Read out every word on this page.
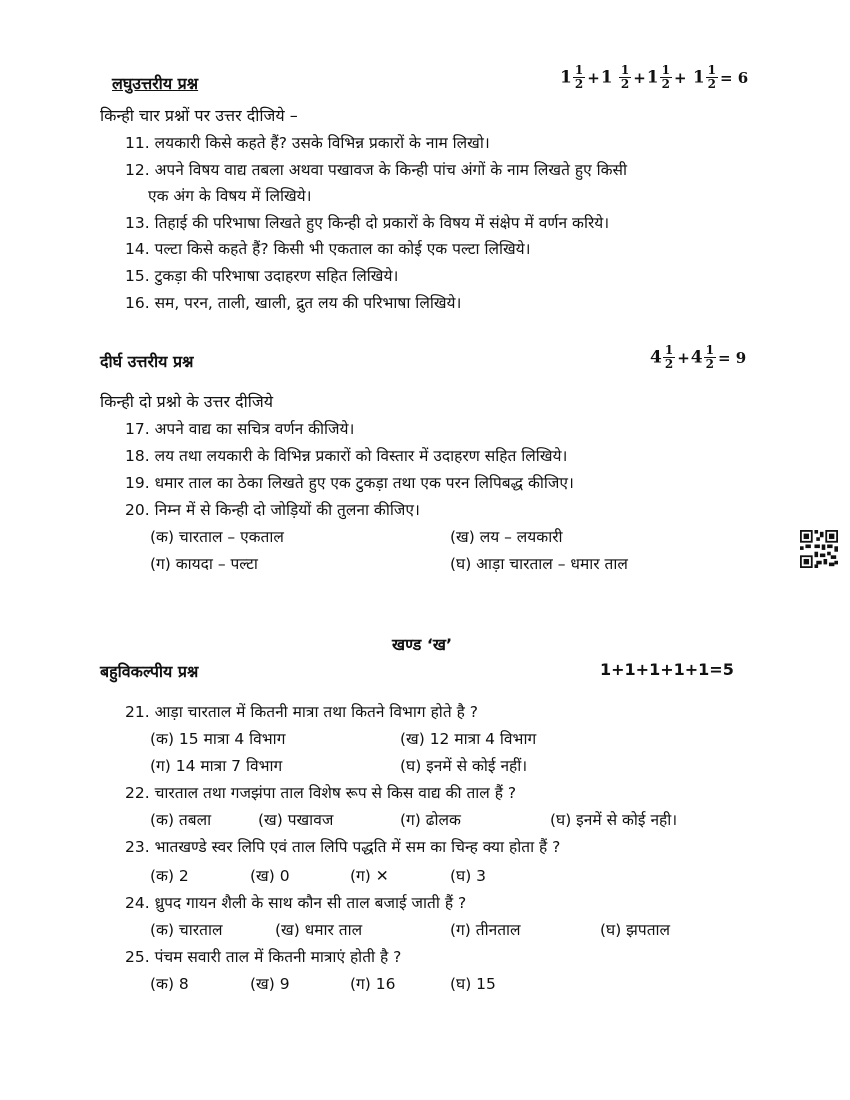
लघुउत्तरीय प्रश्न	$1 \frac{1}{2} +1 \frac{1}{2} +1 \frac{1}{2} + 1 \frac{1}{2} = 6$
किन्ही चार प्रश्नों पर उत्तर दीजिये –
11. लयकारी किसे कहते हैं? उसके विभिन्न प्रकारों के नाम लिखो।
12. अपने विषय वाद्य तबला अथवा पखावज के किन्ही पांच अंगों के नाम लिखते हुए किसी
एक अंग के विषय में लिखिये।
13. तिहाई की परिभाषा लिखते हुए किन्ही दो प्रकारों के विषय में संक्षेप में वर्णन करिये।
14. पल्टा किसे कहते हैं? किसी भी एकताल का कोई एक पल्टा लिखिये।
15. टुकड़ा की परिभाषा उदाहरण सहित लिखिये।
16. सम, परन, ताली, खाली, द्रुत लय की परिभाषा लिखिये।
दीर्घ उत्तरीय प्रश्न	$4 \frac{1}{2} +4 \frac{1}{2} = 9$
किन्ही दो प्रश्नो के उत्तर दीजिये
17. अपने वाद्य का सचित्र वर्णन कीजिये।
18. लय तथा लयकारी के विभिन्न प्रकारों को विस्तार में उदाहरण सहित लिखिये।
19. धमार ताल का ठेका लिखते हुए एक टुकड़ा तथा एक परन लिपिबद्ध कीजिए।
20. निम्न में से किन्ही दो जोड़ियों की तुलना कीजिए।
(क) चारताल – एकताल	(ख) लय – लयकारी
(ग) कायदा – पल्टा	(घ) आड़ा चारताल – धमार ताल
खण्ड ‘ख’
बहुविकल्पीय प्रश्न	1+1+1+1+1=5
21. आड़ा चारताल में कितनी मात्रा तथा कितने विभाग होते है ?
(क) 15 मात्रा 4 विभाग	(ख) 12 मात्रा 4 विभाग
(ग) 14 मात्रा 7 विभाग	(घ) इनमें से कोई नहीं।
22. चारताल तथा गजझंपा ताल विशेष रूप से किस वाद्य की ताल हैं ?
(क) तबला	(ख) पखावज	(ग) ढोलक	(घ) इनमें से कोई नही।
23. भातखण्डे स्वर लिपि एवं ताल लिपि पद्धति में सम का चिन्ह क्या होता हैं ?
(क) 2	(ख) 0	(ग) ✕	(घ) 3
24. ध्रुपद गायन शैली के साथ कौन सी ताल बजाई जाती हैं ?
(क) चारताल	(ख) धमार ताल	(ग) तीनताल	(घ) झपताल
25. पंचम सवारी ताल में कितनी मात्राएं होती है ?
(क) 8	(ख) 9	(ग) 16	(घ) 15
